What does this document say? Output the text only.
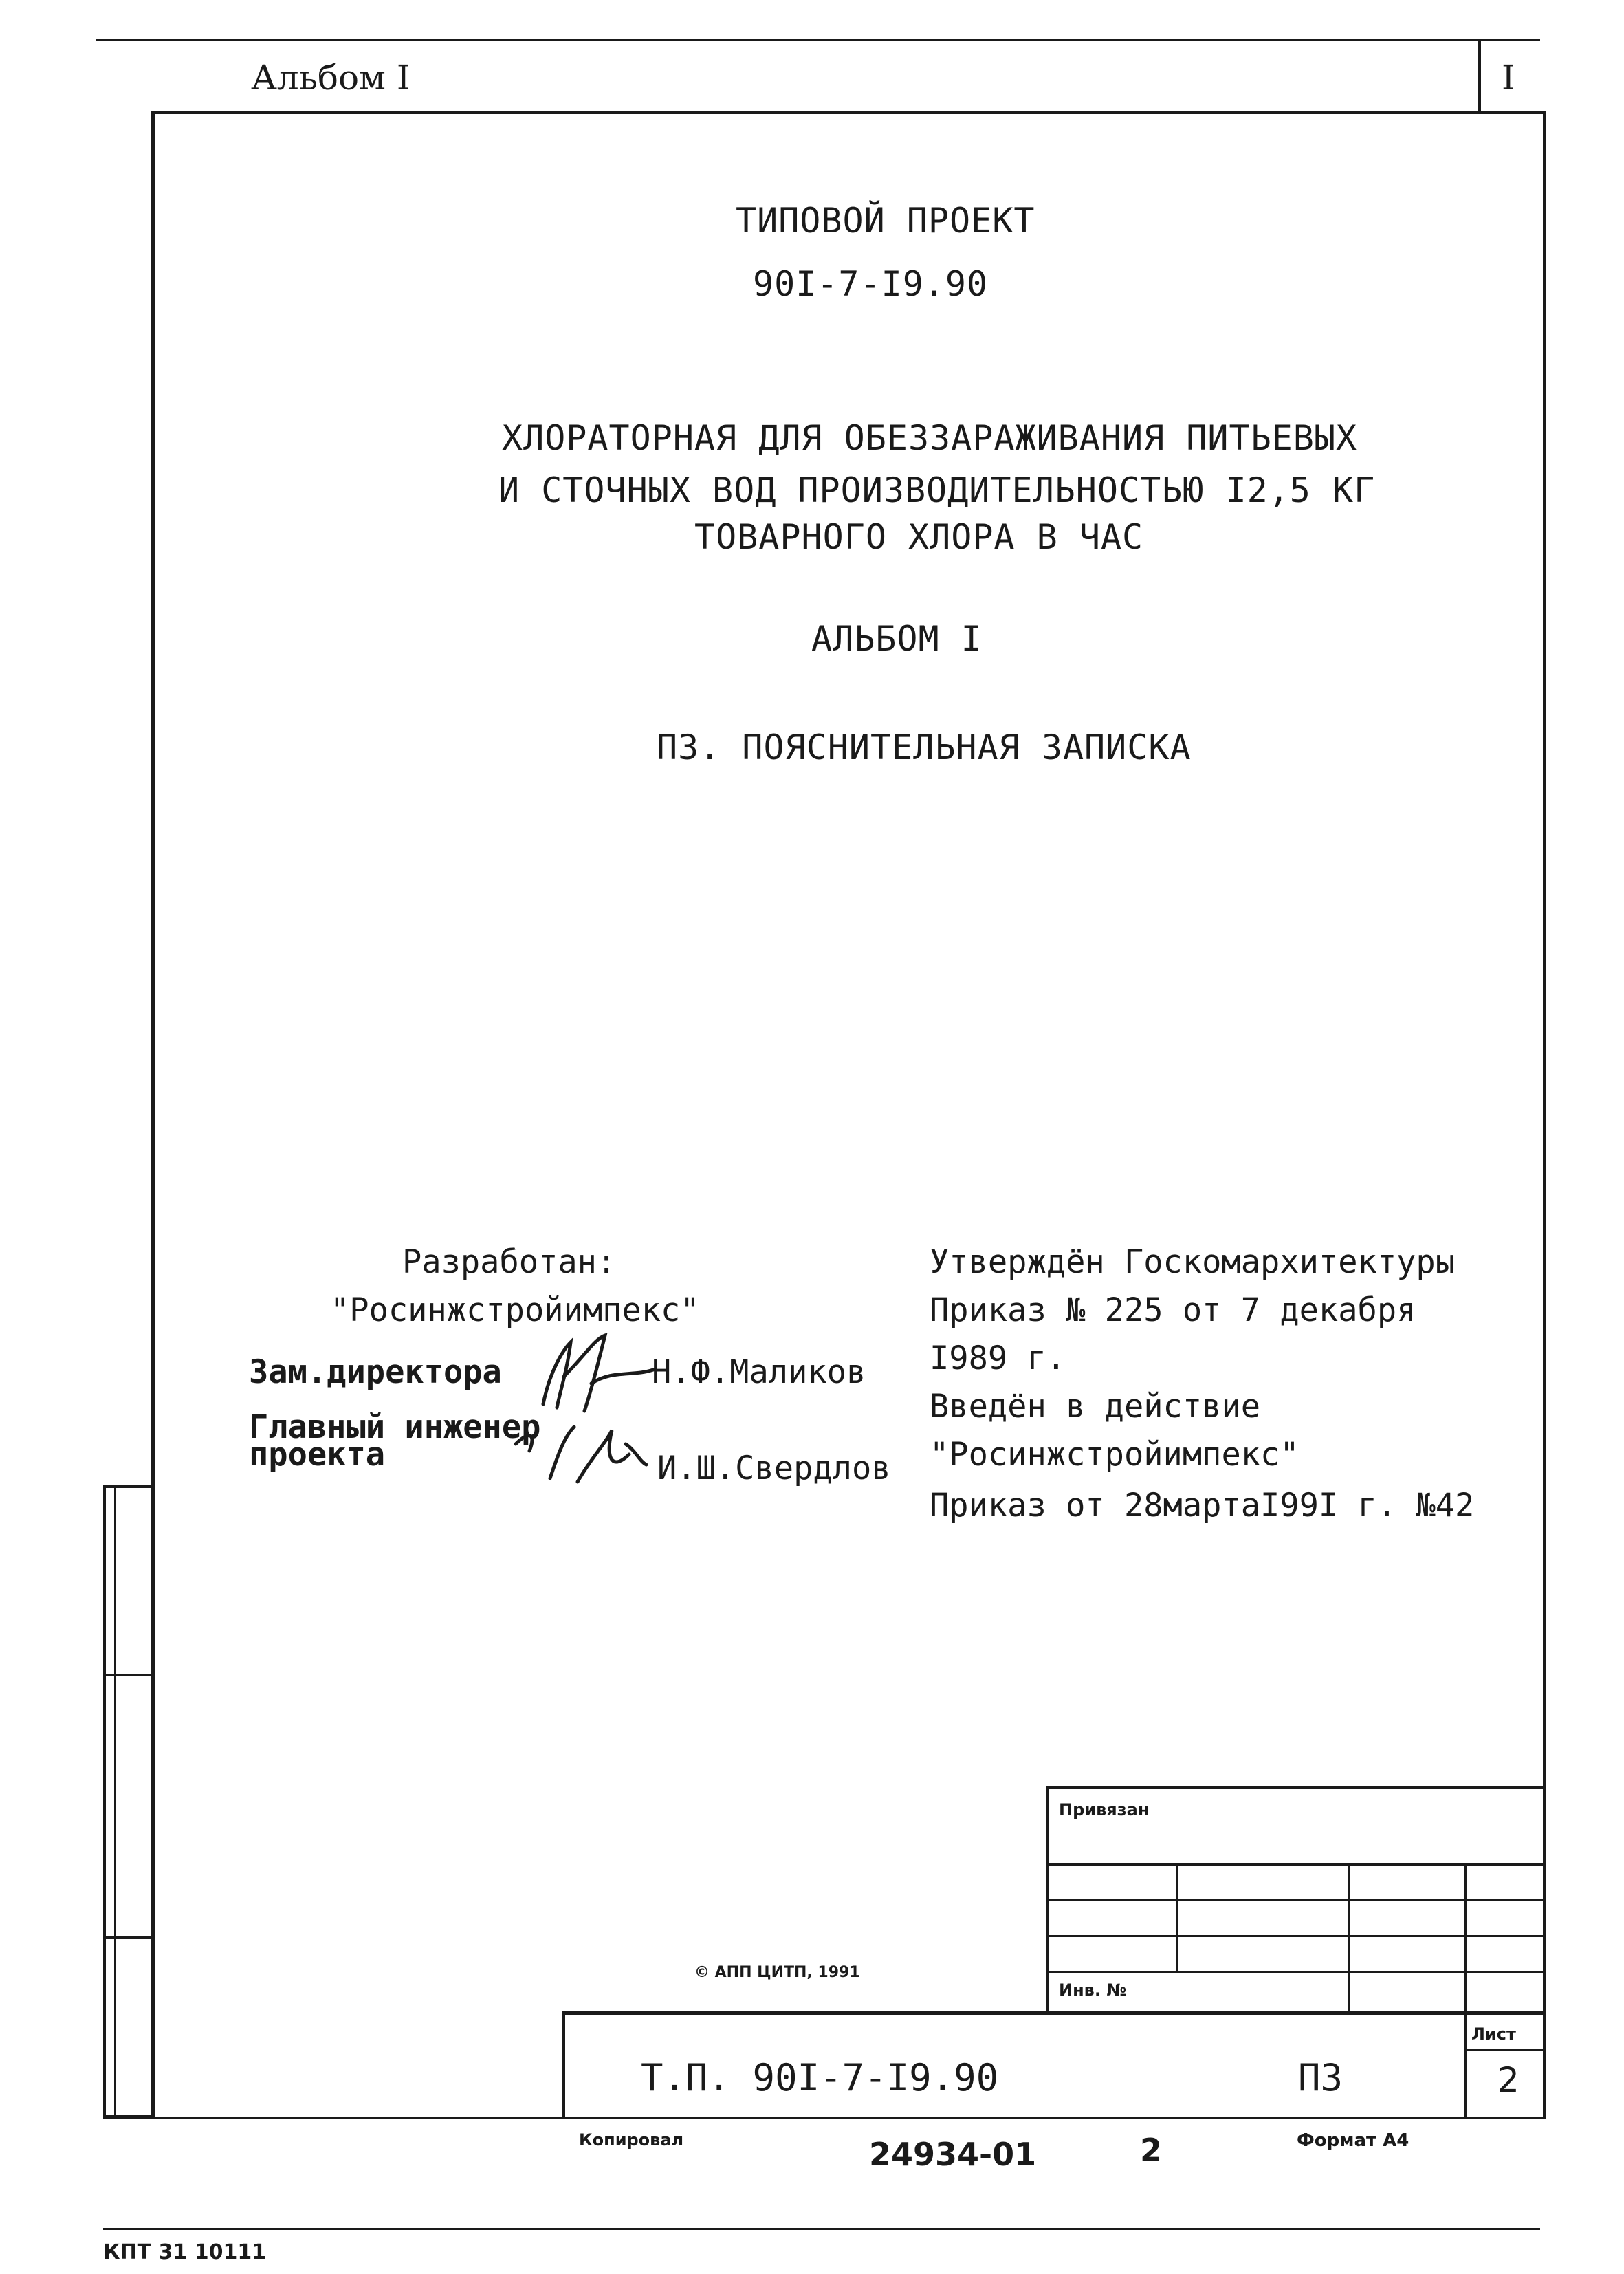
Альбом I	I
ТИПОВОЙ ПРОЕКТ
90I-7-I9.90
ХЛОРАТОРНАЯ ДЛЯ ОБЕЗЗАРАЖИВАНИЯ ПИТЬЕВЫХ
И СТОЧНЫХ ВОД ПРОИЗВОДИТЕЛЬНОСТЬЮ I2,5 КГ
ТОВАРНОГО ХЛОРА В ЧАС
АЛЬБОМ I
ПЗ. ПОЯСНИТЕЛЬНАЯ ЗАПИСКА
Разработан:
"Росинжстройимпекс"
Зам.директора	Н.Ф.Маликов
Главный инженер
проекта	И.Ш.Свердлов
Утверждён Госкомархитектуры
Приказ № 225 от 7 декабря
I989 г.
Введён в действие
"Росинжстройимпекс"
Приказ от 28мартаI99I г. №42
Привязан
Инв. №
© АПП ЦИТП, 1991
Т.П. 90I-7-I9.90	ПЗ
Лист
2
Копировал	24934-01	2	Формат А4
КПТ 31 10111
